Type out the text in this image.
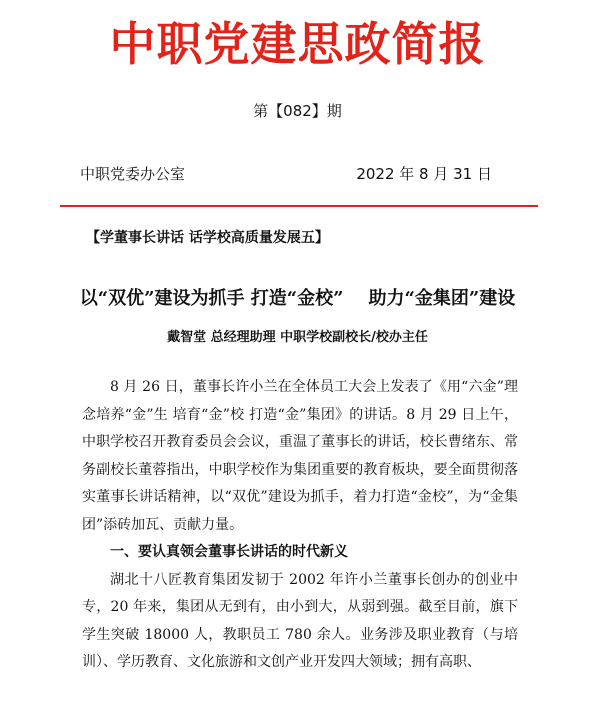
中职党建思政简报
第【082】期
中职党委办公室	2022 年 8 月 31 日
【学董事长讲话 话学校高质量发展五】
以“双优”建设为抓手 打造“金校”    助力“金集团”建设
戴智堂 总经理助理 中职学校副校长/校办主任

8 月 26 日，董事长许小兰在全体员工大会上发表了《用“六金”理念培养“金”生 培育“金”校 打造“金”集团》的讲话。8 月 29 日上午，中职学校召开教育委员会会议，重温了董事长的讲话，校长曹绪东、常务副校长董蓉指出，中职学校作为集团重要的教育板块，要全面贯彻落实董事长讲话精神，以“双优”建设为抓手，着力打造“金校”，为“金集团”添砖加瓦、贡献力量。

一、要认真领会董事长讲话的时代新义

湖北十八匠教育集团发韧于 2002 年许小兰董事长创办的创业中专，20 年来，集团从无到有，由小到大，从弱到强。截至目前，旗下学生突破 18000 人，教职员工 780 余人。业务涉及职业教育（与培训）、学历教育、文化旅游和文创产业开发四大领域；拥有高职、
